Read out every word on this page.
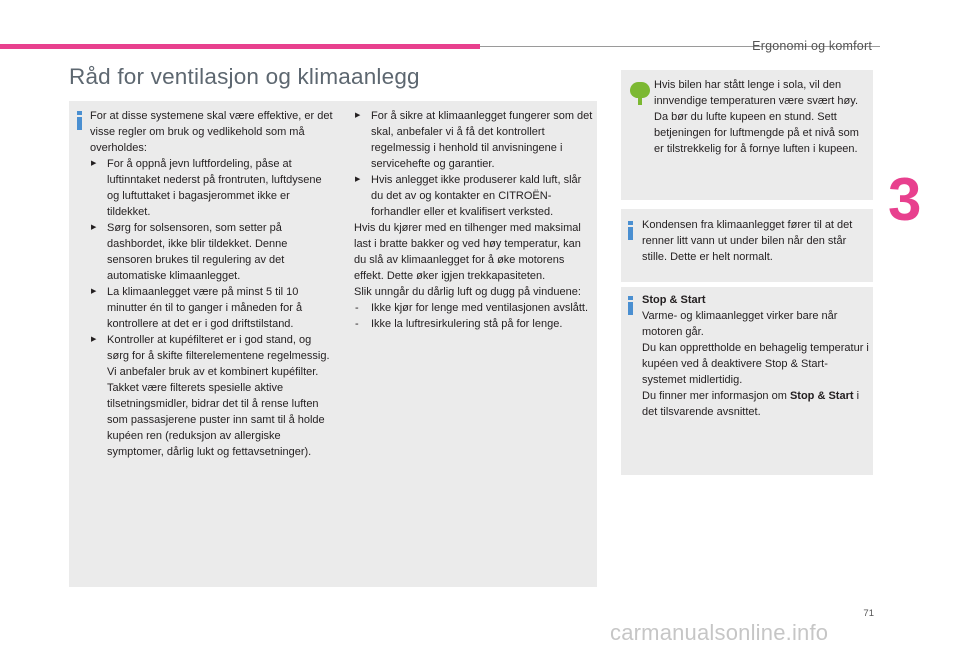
Ergonomi og komfort
3
Råd for ventilasjon og klimaanlegg

For at disse systemene skal være effektive, er det visse regler om bruk og vedlikehold som må overholdes:

▶ For å oppnå jevn luftfordeling, påse at luftinntaket nederst på frontruten, luftdysene og luftuttaket i bagasjerommet ikke er tildekket.

▶ Sørg for solsensoren, som setter på dashbordet, ikke blir tildekket. Denne sensoren brukes til regulering av det automatiske klimaanlegget.

▶ La klimaanlegget være på minst 5 til 10 minutter én til to ganger i måneden for å kontrollere at det er i god driftstilstand.

▶ Kontroller at kupéfilteret er i god stand, og sørg for å skifte filterelementene regelmessig. Vi anbefaler bruk av et kombinert kupéfilter. Takket være filterets spesielle aktive tilsetningsmidler, bidrar det til å rense luften som passasjerene puster inn samt til å holde kupéen ren (reduksjon av allergiske symptomer, dårlig lukt og fettavsetninger).

▶ For å sikre at klimaanlegget fungerer som det skal, anbefaler vi å få det kontrollert regelmessig i henhold til anvisningene i servicehefte og garantier.

▶ Hvis anlegget ikke produserer kald luft, slår du det av og kontakter en CITROËN-forhandler eller et kvalifisert verksted.

Hvis du kjører med en tilhenger med maksimal last i bratte bakker og ved høy temperatur, kan du slå av klimaanlegget for å øke motorens effekt. Dette øker igjen trekkapasiteten.

Slik unngår du dårlig luft og dugg på vinduene:

- Ikke kjør for lenge med ventilasjonen avslått.

- Ikke la luftresirkulering stå på for lenge.

Hvis bilen har stått lenge i sola, vil den innvendige temperaturen være svært høy. Da bør du lufte kupeen en stund. Sett betjeningen for luftmengde på et nivå som er tilstrekkelig for å fornye luften i kupeen.

Kondensen fra klimaanlegget fører til at det renner litt vann ut under bilen når den står stille. Dette er helt normalt.

Stop & Start

Varme- og klimaanlegget virker bare når motoren går.

Du kan opprettholde en behagelig temperatur i kupéen ved å deaktivere Stop & Start-systemet midlertidig.

Du finner mer informasjon om Stop & Start i det tilsvarende avsnittet.

71
carmanualsonline.info
